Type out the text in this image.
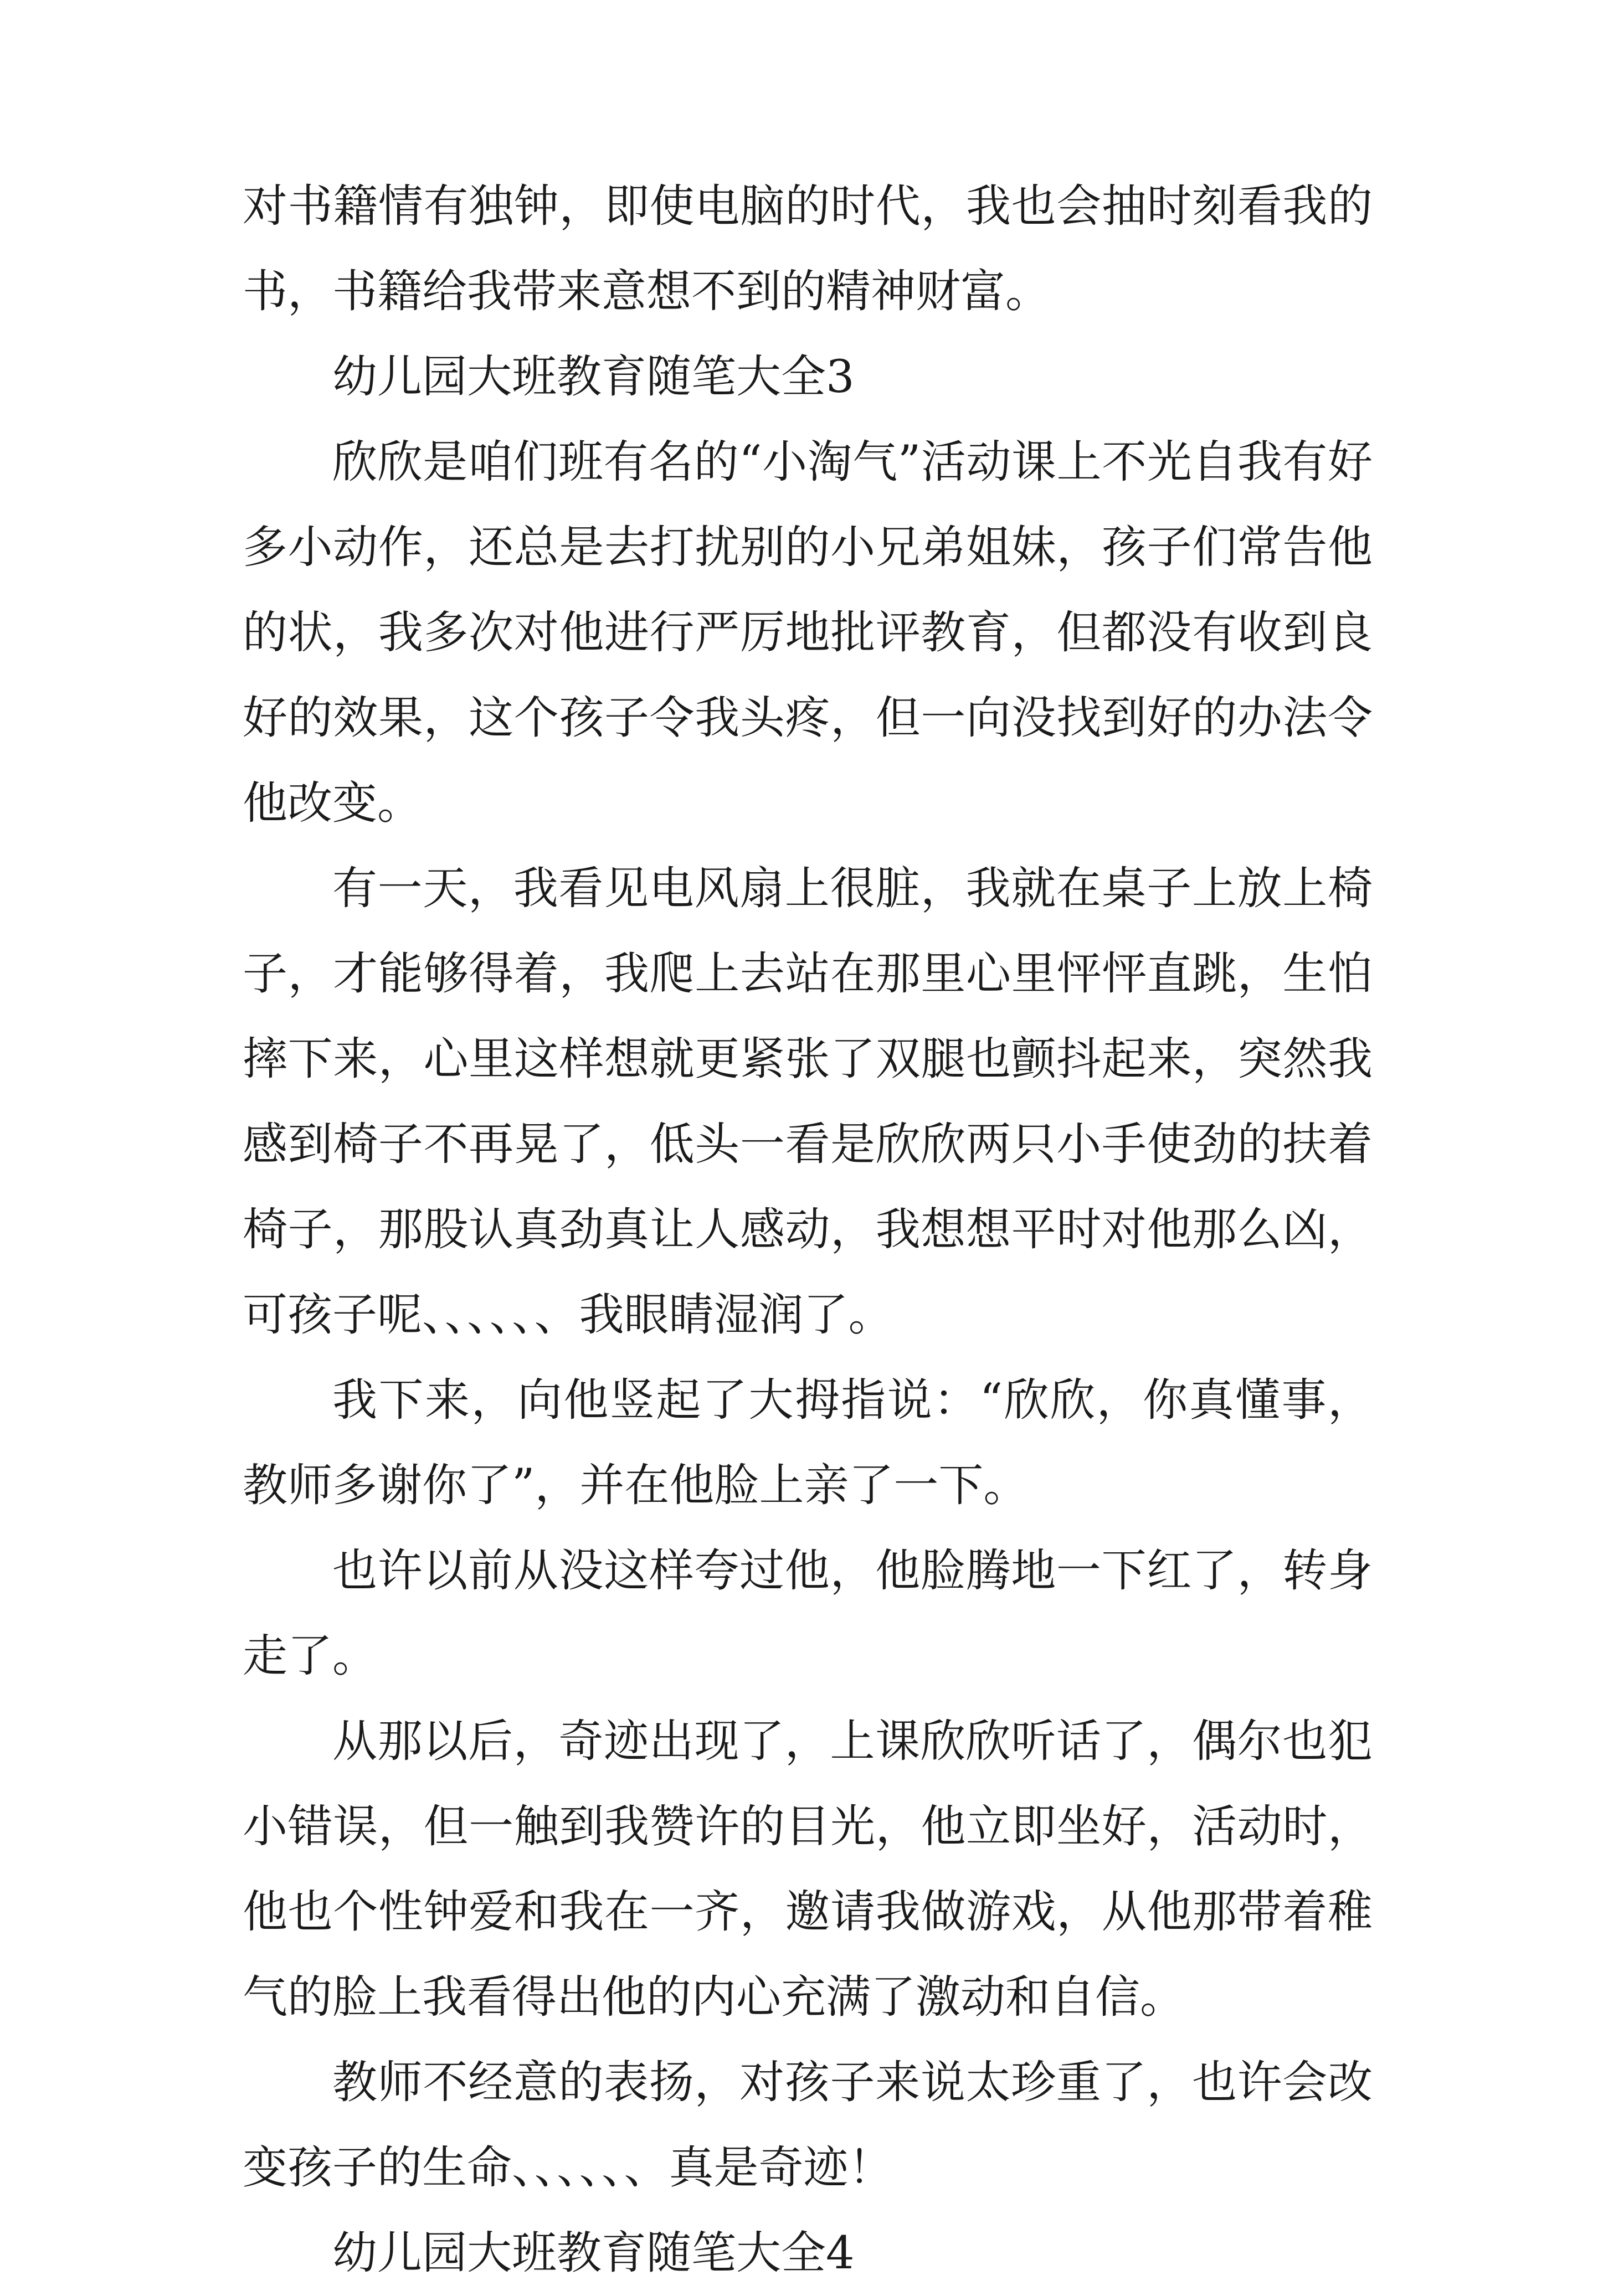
对书籍情有独钟，即使电脑的时代，我也会抽时刻看我的书，书籍给我带来意想不到的精神财富。

幼儿园大班教育随笔大全3

欣欣是咱们班有名的“小淘气”活动课上不光自我有好多小动作，还总是去打扰别的小兄弟姐妹，孩子们常告他的状，我多次对他进行严厉地批评教育，但都没有收到良好的效果，这个孩子令我头疼，但一向没找到好的办法令他改变。

有一天，我看见电风扇上很脏，我就在桌子上放上椅子，才能够得着，我爬上去站在那里心里怦怦直跳，生怕摔下来，心里这样想就更紧张了双腿也颤抖起来，突然我感到椅子不再晃了，低头一看是欣欣两只小手使劲的扶着椅子，那股认真劲真让人感动，我想想平时对他那么凶，可孩子呢、、、、、、我眼睛湿润了。

我下来，向他竖起了大拇指说：“欣欣，你真懂事，教师多谢你了”，并在他脸上亲了一下。

也许以前从没这样夸过他，他脸腾地一下红了，转身走了。

从那以后，奇迹出现了，上课欣欣听话了，偶尔也犯小错误，但一触到我赞许的目光，他立即坐好，活动时，他也个性钟爱和我在一齐，邀请我做游戏，从他那带着稚气的脸上我看得出他的内心充满了激动和自信。

教师不经意的表扬，对孩子来说太珍重了，也许会改变孩子的生命、、、、、、真是奇迹！

幼儿园大班教育随笔大全4
